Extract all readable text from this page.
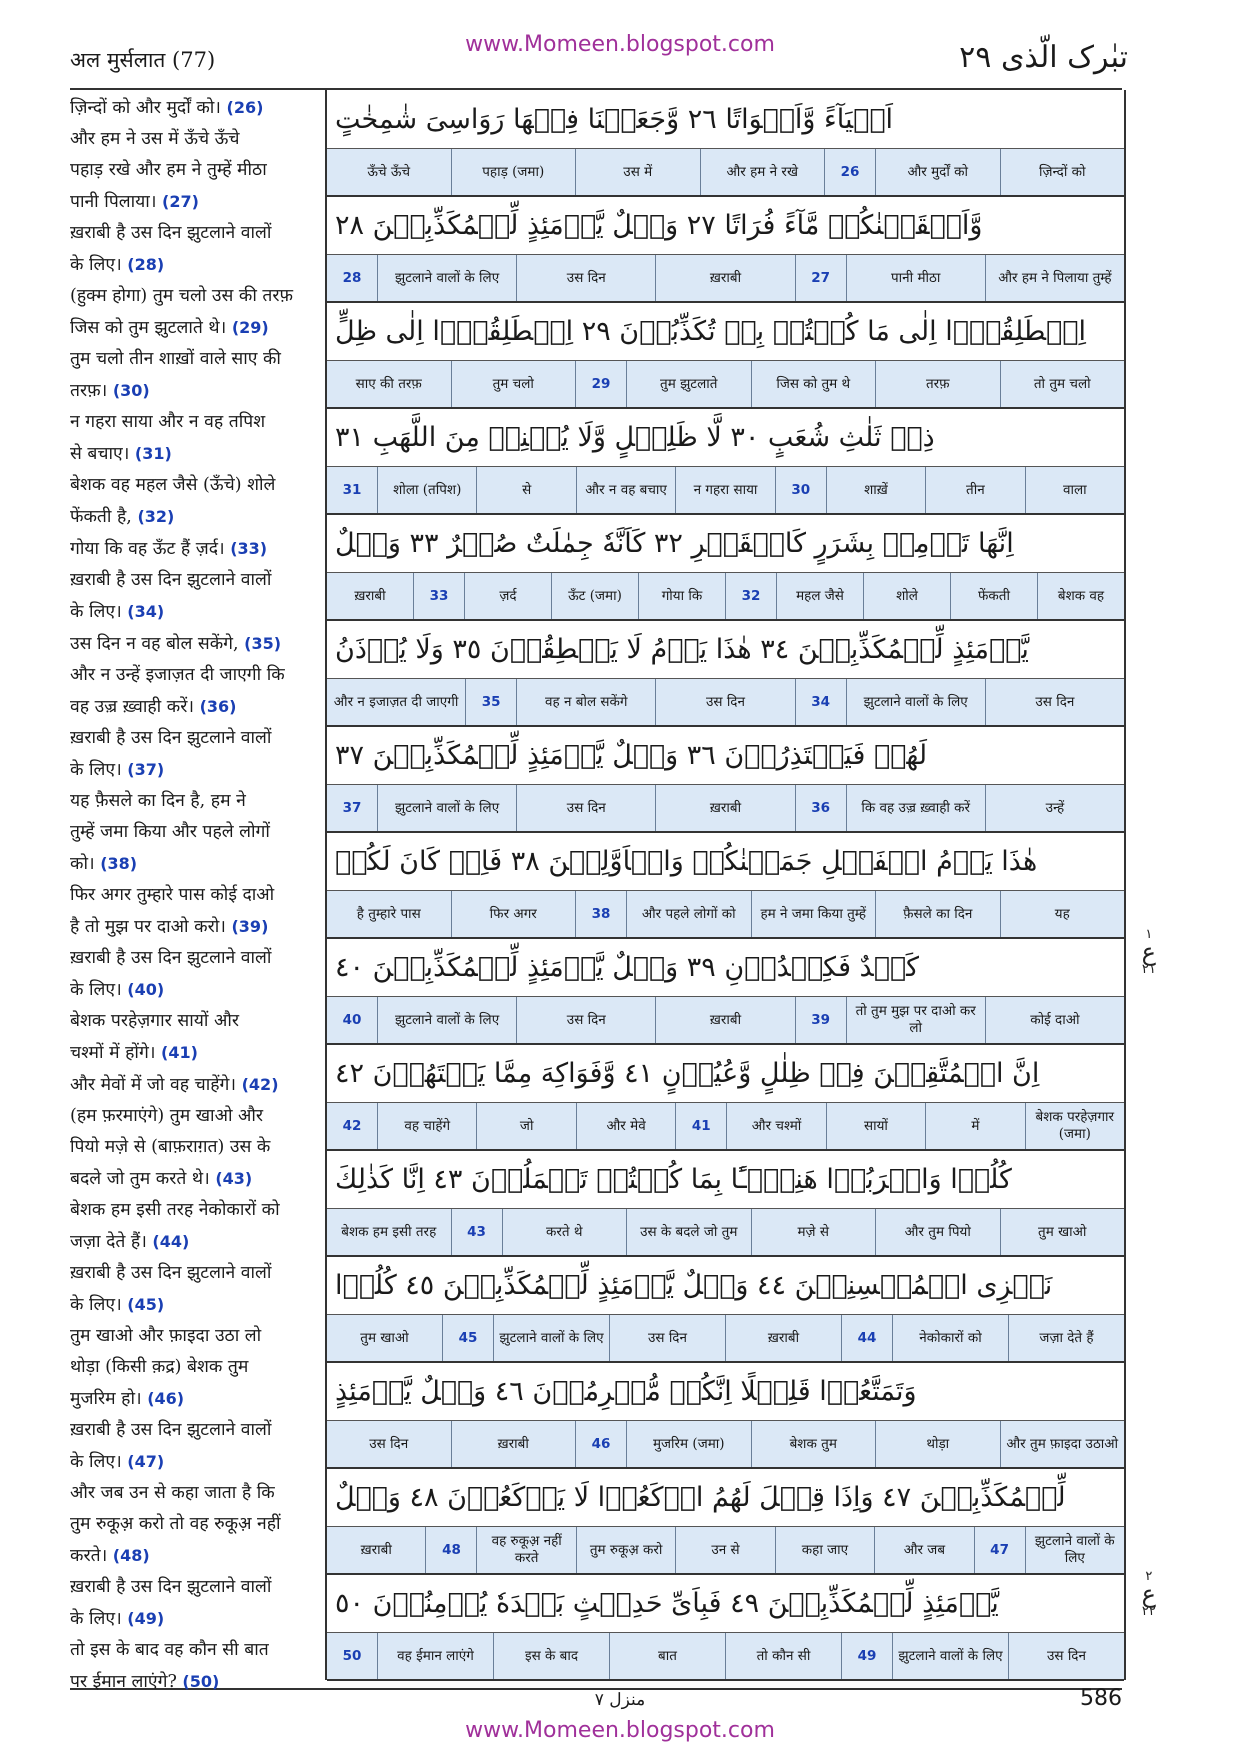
अल मुर्सलात (77)
www.Momeen.blogspot.com	تبٰرک الّذی ٢٩
ज़िन्दों को और मुर्दों को। (26)
और हम ने उस में ऊँचे ऊँचे
पहाड़ रखे और हम ने तुम्हें मीठा
पानी पिलाया। (27)
ख़राबी है उस दिन झुटलाने वालों
के लिए। (28)
(हुक्म होगा) तुम चलो उस की तरफ़
जिस को तुम झुटलाते थे। (29)
तुम चलो तीन शाख़ों वाले साए की
तरफ़। (30)
न गहरा साया और न वह तपिश
से बचाए। (31)
बेशक वह महल जैसे (ऊँचे) शोले
फेंकती है, (32)
गोया कि वह ऊँट हैं ज़र्द। (33)
ख़राबी है उस दिन झुटलाने वालों
के लिए। (34)
उस दिन न वह बोल सकेंगे, (35)
और न उन्हें इजाज़त दी जाएगी कि
वह उज़्र ख़्वाही करें। (36)
ख़राबी है उस दिन झुटलाने वालों
के लिए। (37)
यह फ़ैसले का दिन है, हम ने
तुम्हें जमा किया और पहले लोगों
को। (38)
फिर अगर तुम्हारे पास कोई दाओ
है तो मुझ पर दाओ करो। (39)
ख़राबी है उस दिन झुटलाने वालों
के लिए। (40)
बेशक परहेज़गार सायों और
चश्मों में होंगे। (41)
और मेवों में जो वह चाहेंगे। (42)
(हम फ़रमाएंगे) तुम खाओ और
पियो मज़े से (बाफ़राग़त) उस के
बदले जो तुम करते थे। (43)
बेशक हम इसी तरह नेकोकारों को
जज़ा देते हैं। (44)
ख़राबी है उस दिन झुटलाने वालों
के लिए। (45)
तुम खाओ और फ़ाइदा उठा लो
थोड़ा (किसी क़द्र) बेशक तुम
मुजरिम हो। (46)
ख़राबी है उस दिन झुटलाने वालों
के लिए। (47)
और जब उन से कहा जाता है कि
तुम रुकूअ़ करो तो वह रुकूअ़ नहीं
करते। (48)
ख़राबी है उस दिन झुटलाने वालों
के लिए। (49)
तो इस के बाद वह कौन सी बात
पर ईमान लाएंगे? (50)
اَحۡيَآءً وَّاَمۡوَاتًا ٢٦ وَّجَعَلۡنَا فِيۡهَا رَوَاسِىَ شٰمِخٰتٍ
ज़िन्दों को
और मुर्दों को
26
और हम ने रखे
उस में
पहाड़ (जमा)
ऊँचे ऊँचे
وَّاَسۡقَيۡنٰكُمۡ مَّآءً فُرَاتًا ٢٧ وَيۡلٌ يَّوۡمَئِذٍ لِّلۡمُكَذِّبِيۡنَ ٢٨
और हम ने पिलाया तुम्हें
पानी मीठा
27
ख़राबी
उस दिन
झुटलाने वालों के लिए
28
اِنۡطَلِقُوۡۤا اِلٰى مَا كُنۡتُمۡ بِهٖ تُكَذِّبُوۡنَ ٢٩ اِنۡطَلِقُوۡۤا اِلٰى ظِلٍّ
तो तुम चलो
तरफ़
जिस को तुम थे
तुम झुटलाते
29
तुम चलो
साए की तरफ़
ذِىۡ ثَلٰثِ شُعَبٍ ٣٠ لَّا ظَلِيۡلٍ وَّلَا يُغۡنِىۡ مِنَ اللَّهَبِ ٣١
वाला
तीन
शाख़ें
30
न गहरा साया
और न वह बचाए
से
शोला (तपिश)
31
اِنَّهَا تَرۡمِىۡ بِشَرَرٍ كَالۡقَصۡرِ ٣٢ كَاَنَّهٗ جِمٰلَتٌ صُفۡرٌ ٣٣ وَيۡلٌ
बेशक वह
फेंकती
शोले
महल जैसे
32
गोया कि
ऊँट (जमा)
ज़र्द
33
ख़राबी
يَّوۡمَئِذٍ لِّلۡمُكَذِّبِيۡنَ ٣٤ هٰذَا يَوۡمُ لَا يَنۡطِقُوۡنَ ٣٥ وَلَا يُؤۡذَنُ
उस दिन
झुटलाने वालों के लिए
34
उस दिन
वह न बोल सकेंगे
35
और न इजाज़त दी जाएगी
لَهُمۡ فَيَعۡتَذِرُوۡنَ ٣٦ وَيۡلٌ يَّوۡمَئِذٍ لِّلۡمُكَذِّبِيۡنَ ٣٧
उन्हें
कि वह उज़्र ख़्वाही करें
36
ख़राबी
उस दिन
झुटलाने वालों के लिए
37
هٰذَا يَوۡمُ الۡفَصۡلِ جَمَعۡنٰكُمۡ وَالۡاَوَّلِيۡنَ ٣٨ فَاِنۡ كَانَ لَكُمۡ
यह
फ़ैसले का दिन
हम ने जमा किया तुम्हें
और पहले लोगों को
38
फिर अगर
है तुम्हारे पास
كَيۡدٌ فَكِيۡدُوۡنِ ٣٩ وَيۡلٌ يَّوۡمَئِذٍ لِّلۡمُكَذِّبِيۡنَ ٤٠
कोई दाओ
तो तुम मुझ पर दाओ कर लो
39
ख़राबी
उस दिन
झुटलाने वालों के लिए
40
اِنَّ الۡمُتَّقِيۡنَ فِىۡ ظِلٰلٍ وَّعُيُوۡنٍ ٤١ وَّفَوَاكِهَ مِمَّا يَشۡتَهُوۡنَ ٤٢
बेशक परहेज़गार (जमा)
में
सायों
और चश्मों
41
और मेवे
जो
वह चाहेंगे
42
كُلُوۡا وَاشۡرَبُوۡا هَنِيۡٓـًٔا بِمَا كُنۡتُمۡ تَعۡمَلُوۡنَ ٤٣ اِنَّا كَذٰلِكَ
तुम खाओ
और तुम पियो
मज़े से
उस के बदले जो तुम
करते थे
43
बेशक हम इसी तरह
نَجۡزِى الۡمُحۡسِنِيۡنَ ٤٤ وَيۡلٌ يَّوۡمَئِذٍ لِّلۡمُكَذِّبِيۡنَ ٤٥ كُلُوۡا
जज़ा देते हैं
नेकोकारों को
44
ख़राबी
उस दिन
झुटलाने वालों के लिए
45
तुम खाओ
وَتَمَتَّعُوۡا قَلِيۡلًا اِنَّكُمۡ مُّجۡرِمُوۡنَ ٤٦ وَيۡلٌ يَّوۡمَئِذٍ
और तुम फ़ाइदा उठाओ
थोड़ा
बेशक तुम
मुजरिम (जमा)
46
ख़राबी
उस दिन
لِّلۡمُكَذِّبِيۡنَ ٤٧ وَاِذَا قِيۡلَ لَهُمُ ارۡكَعُوۡا لَا يَرۡكَعُوۡنَ ٤٨ وَيۡلٌ
झुटलाने वालों के लिए
47
और जब
कहा जाए
उन से
तुम रुकूअ़ करो
वह रुकूअ़ नहीं करते
48
ख़राबी
يَّوۡمَئِذٍ لِّلۡمُكَذِّبِيۡنَ ٤٩ فَبِاَىِّ حَدِيۡثٍ بَعۡدَهٗ يُؤۡمِنُوۡنَ ٥٠
उस दिन
झुटलाने वालों के लिए
49
तो कौन सी
बात
इस के बाद
वह ईमान लाएंगे
50
١
ع
٢١
٢
ع
٢٢
منزل ٧	586
www.Momeen.blogspot.com
